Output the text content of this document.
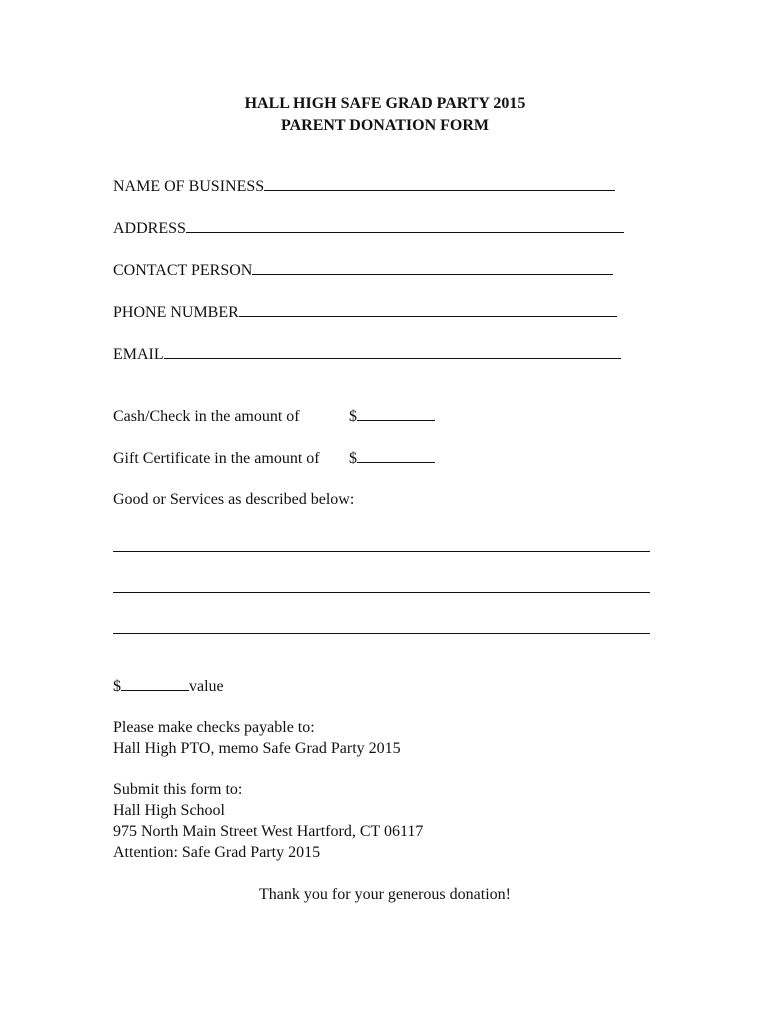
HALL HIGH SAFE GRAD PARTY 2015
PARENT DONATION FORM
NAME OF BUSINESS
ADDRESS
CONTACT PERSON
PHONE NUMBER
EMAIL
Cash/Check in the amount of	$
Gift Certificate in the amount of $
Good or Services as described below:
$	value
Please make checks payable to:
Hall High PTO, memo Safe Grad Party 2015
Submit this form to:
Hall High School
975 North Main Street West Hartford, CT 06117
Attention: Safe Grad Party 2015
Thank you for your generous donation!
